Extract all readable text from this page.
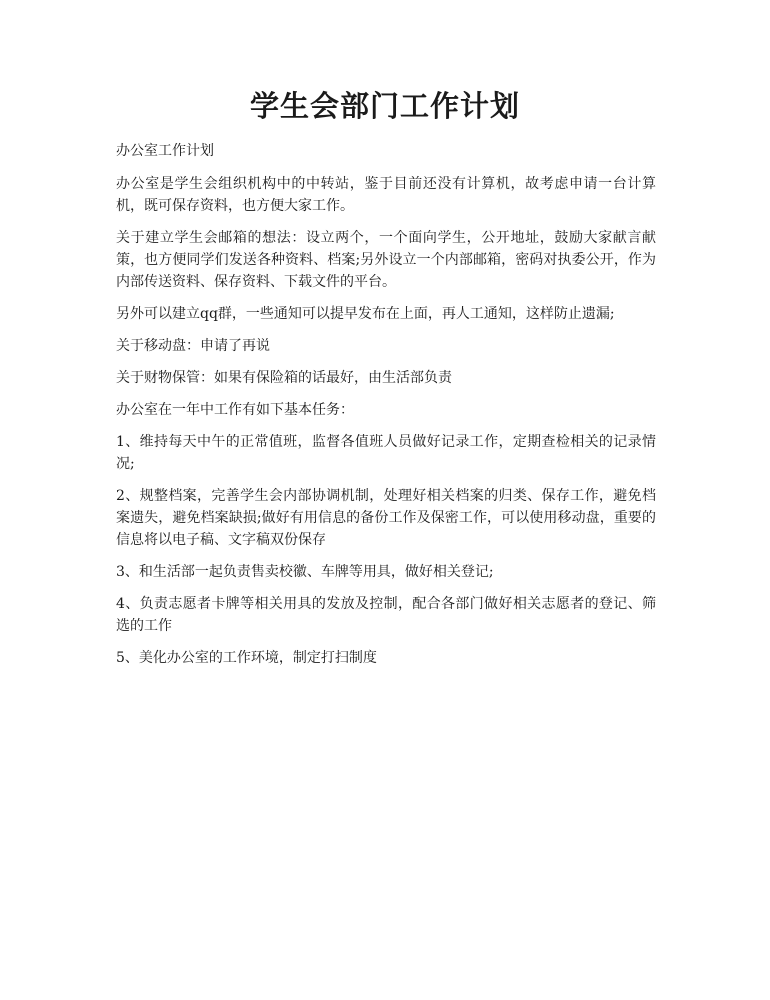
学生会部门工作计划

办公室工作计划

办公室是学生会组织机构中的中转站，鉴于目前还没有计算机，故考虑申请一台计算机，既可保存资料，也方便大家工作。

关于建立学生会邮箱的想法：设立两个，一个面向学生，公开地址，鼓励大家献言献策，也方便同学们发送各种资料、档案;另外设立一个内部邮箱，密码对执委公开，作为内部传送资料、保存资料、下载文件的平台。

另外可以建立qq群，一些通知可以提早发布在上面，再人工通知，这样防止遗漏;

关于移动盘：申请了再说

关于财物保管：如果有保险箱的话最好，由生活部负责

办公室在一年中工作有如下基本任务：

1、维持每天中午的正常值班，监督各值班人员做好记录工作，定期查检相关的记录情况;

2、规整档案，完善学生会内部协调机制，处理好相关档案的归类、保存工作，避免档案遗失，避免档案缺损;做好有用信息的备份工作及保密工作，可以使用移动盘，重要的信息将以电子稿、文字稿双份保存

3、和生活部一起负责售卖校徽、车牌等用具，做好相关登记;

4、负责志愿者卡牌等相关用具的发放及控制，配合各部门做好相关志愿者的登记、筛选的工作

5、美化办公室的工作环境，制定打扫制度
